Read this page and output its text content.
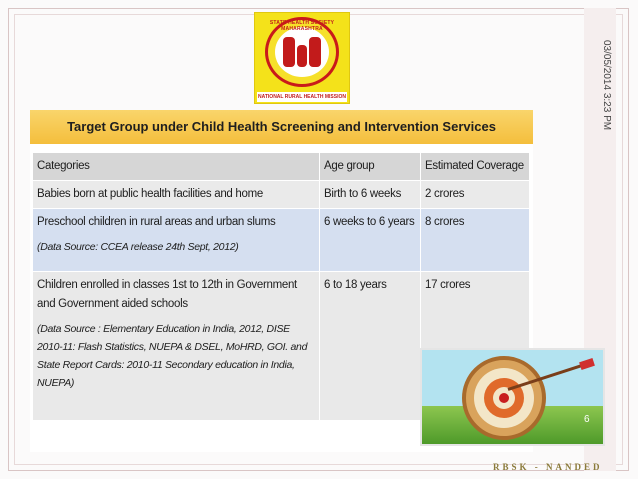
STATE HEALTH SOCIETY MAHARASHTRA
NATIONAL RURAL HEALTH MISSION	03/05/2014 3:23 PM
Target Group under Child Health Screening and Intervention Services
Categories	Age group	Estimated Coverage
Babies born at public health facilities and home	Birth to 6 weeks	2 crores
Preschool children in rural areas and urban slums
(Data Source: CCEA release 24th Sept, 2012)	6 weeks to 6 years	8 crores
Children enrolled in classes 1st to 12th in Government and Government aided schools
(Data Source : Elementary Education in India, 2012, DISE 2010-11: Flash Statistics, NUEPA & DSEL, MoHRD, GOI. and State Report Cards: 2010-11 Secondary education in India, NUEPA)	6 to 18 years	17 crores
6
RBSK - NANDED
